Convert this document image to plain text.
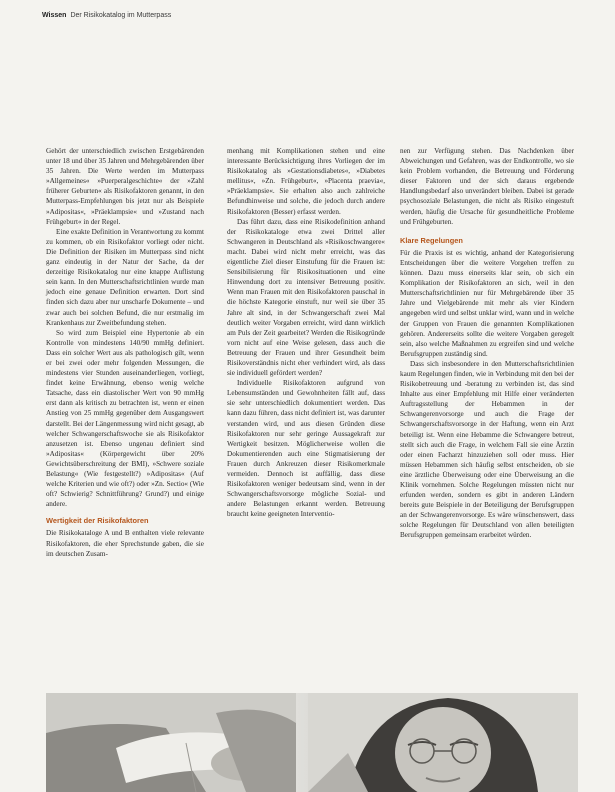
Wissen Der Risikokatalog im Mutterpass

Gehört der unterschiedlich zwischen Erstgebärenden unter 18 und über 35 Jahren und Mehrgebärenden über 35 Jahren. Die Werte werden im Mutterpass »Allgemeines« »Puerperalgeschichte« der »Zahl früherer Geburten« als Risikofaktoren genannt, in den Mutterpass-Empfehlungen bis jetzt nur als Beispiele »Adipositas«, »Präeklampsie« und »Zustand nach Frühgeburt« in der Regel.

Eine exakte Definition in Verantwortung zu kommt zu kommen, ob ein Risikofaktor vorliegt oder nicht. Die Definition der Risiken im Mutterpass sind nicht ganz eindeutig in der Natur der Sache, da der derzeitige Risikokatalog nur eine knappe Auflistung sein kann. In den Mutterschaftsrichtlinien wurde man jedoch eine genaue Definition erwarten. Dort sind finden sich dazu aber nur unscharfe Dokumente – und zwar auch bei solchen Befund, die nur erstmalig im Krankenhaus zur Zweitbefundung stehen.

So wird zum Beispiel eine Hypertonie ab ein Kontrolle von mindestens 140/90 mmHg definiert. Dass ein solcher Wert aus als pathologisch gilt, wenn er bei zwei oder mehr folgenden Messungen, die mindestens vier Stunden auseinanderliegen, vorliegt, findet keine Erwähnung, ebenso wenig welche Tatsache, dass ein diastolischer Wert von 90 mmHg erst dann als kritisch zu betrachten ist, wenn er einen Anstieg von 25 mmHg gegenüber dem Ausgangswert darstellt. Bei der Längenmessung wird nicht gesagt, ab welcher Schwangerschaftswoche sie als Risikofaktor anzusetzen ist. Ebenso ungenau definiert sind »Adipositas« (Körpergewicht über 20% Gewichtsüberschreitung der BMI), »Schwere soziale Belastung« (Wie festgestellt?) »Adipositas« (Auf welche Kriterien und wie oft?) oder »Zn. Sectio« (Wie oft? Schwierig? Schnittführung? Grund?) und einige andere.

Wertigkeit der Risikofaktoren

Die Risikokataloge A und B enthalten viele relevante Risikofaktoren, die eher Sprechstunde gaben, die sie im deutschen Zusam-

menhang mit Komplikationen stehen und eine interessante Berücksichtigung ihres Vorliegen der im Risikokatalog als »Gestationsdiabetes«, »Diabetes mellitus«, »Zn. Frühgeburt«, »Placenta praevia«, »Präeklampsie«. Sie erhalten also auch zahlreiche Befundhinweise und solche, die jedoch durch andere Risikofaktoren (Besser) erfasst werden.

Das führt dazu, dass eine Risikodefinition anhand der Risikokataloge etwa zwei Drittel aller Schwangeren in Deutschland als »Risikoschwangere« macht. Dabei wird nicht mehr erreicht, was das eigentliche Ziel dieser Einstufung für die Frauen ist: Sensibilisierung für Risikosituationen und eine Hinwendung dort zu intensiver Betreuung positiv. Wenn man Frauen mit den Risikofaktoren pauschal in die höchste Kategorie einstuft, nur weil sie über 35 Jahre alt sind, in der Schwangerschaft zwei Mal deutlich weiter Vorgaben erreicht, wird dann wirklich am Puls der Zeit gearbeitet? Werden die Risikogründe vorn nicht auf eine Weise gelesen, dass auch die Betreuung der Frauen und ihrer Gesundheit beim Risikoverständnis nicht eher verhindert wird, als dass sie individuell gefördert werden?

Individuelle Risikofaktoren aufgrund von Lebensumständen und Gewohnheiten fällt auf, dass sie sehr unterschiedlich dokumentiert werden. Das kann dazu führen, dass nicht definiert ist, was darunter verstanden wird, und aus diesen Gründen diese Risikofaktoren nur sehr geringe Aussagekraft zur Wertigkeit besitzen. Möglicherweise wollen die Dokumentierenden auch eine Stigmatisierung der Frauen durch Ankreuzen dieser Risikomerkmale vermeiden. Dennoch ist auffällig, dass diese Risikofaktoren weniger bedeutsam sind, wenn in der Schwangerschaftsvorsorge mögliche Sozial- und andere Belastungen erkannt werden. Betreuung braucht keine geeigneten Interventio-

nen zur Verfügung stehen. Das Nachdenken über Abweichungen und Gefahren, was der Endkontrolle, wo sie kein Problem vorhanden, die Betreuung und Förderung dieser Faktoren und der sich daraus ergebende Handlungsbedarf also unverändert bleiben. Dabei ist gerade psychosoziale Belastungen, die nicht als Risiko eingestuft werden, häufig die Ursache für gesundheitliche Probleme und Frühgeburten.

Klare Regelungen

Für die Praxis ist es wichtig, anhand der Kategorisierung Entscheidungen über die weitere Vorgehen treffen zu können. Dazu muss einerseits klar sein, ob sich ein Komplikation der Risikofaktoren an sich, weil in den Mutterschaftsrichtlinien nur für Mehrgebärende über 35 Jahre und Vielgebärende mit mehr als vier Kindern angegeben wird und selbst unklar wird, wann und in welche der Gruppen von Frauen die genannten Komplikationen gehören. Andererseits sollte die weitere Vorgaben geregelt sein, also welche Maßnahmen zu ergreifen sind und welche Berufsgruppen zuständig sind.

Dass sich insbesondere in den Mutterschaftsrichtlinien kaum Regelungen finden, wie in Verbindung mit den bei der Risikobetreuung und -beratung zu verbinden ist, das sind Inhalte aus einer Empfehlung mit Hilfe einer veränderten Auftragsstellung der Hebammen in der Schwangerenvorsorge und auch die Frage der Schwangerschaftsvorsorge in der Haftung, wenn ein Arzt beteiligt ist. Wenn eine Hebamme die Schwangere betreut, stellt sich auch die Frage, in welchem Fall sie eine Ärztin oder einen Facharzt hinzuziehen soll oder muss. Hier müssen Hebammen sich häufig selbst entscheiden, ob sie eine ärztliche Überweisung oder eine Überweisung an die Klinik vornehmen. Solche Regelungen müssten nicht nur erfunden werden, sondern es gibt in anderen Ländern bereits gute Beispiele in der Beteiligung der Berufsgruppen an der Schwangerenvorsorge. Es wäre wünschenswert, dass solche Regelungen für Deutschland von allen beteiligten Berufsgruppen gemeinsam erarbeitet würden.
